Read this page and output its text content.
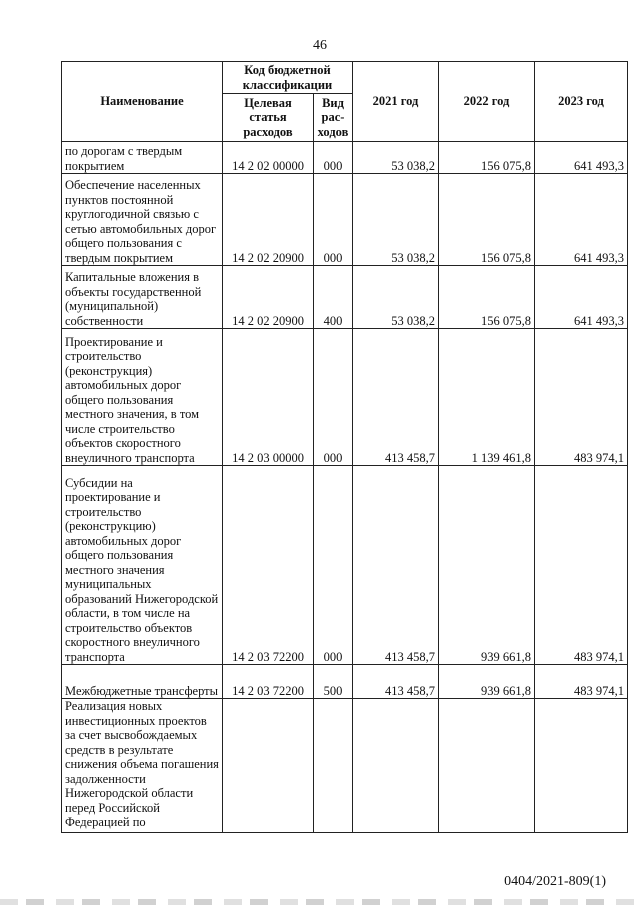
46
Наименование	Код бюджетной классификации		2021 год	2022 год	2023 год
	Целевая статья расходов	Вид рас-ходов			
по дорогам с твердым покрытием	14 2 02 00000	000	53 038,2	156 075,8	641 493,3
Обеспечение населенных пунктов постоянной круглогодичной связью с сетью автомобильных дорог общего пользования с твердым покрытием	14 2 02 20900	000	53 038,2	156 075,8	641 493,3
Капитальные вложения в объекты государственной (муниципальной) собственности	14 2 02 20900	400	53 038,2	156 075,8	641 493,3
Проектирование и строительство (реконструкция) автомобильных дорог общего пользования местного значения, в том числе строительство объектов скоростного внеуличного транспорта	14 2 03 00000	000	413 458,7	1 139 461,8	483 974,1
Субсидии на проектирование и строительство (реконструкцию) автомобильных дорог общего пользования местного значения муниципальных образований Нижегородской области, в том числе на строительство объектов скоростного внеуличного транспорта	14 2 03 72200	000	413 458,7	939 661,8	483 974,1
Межбюджетные трансферты	14 2 03 72200	500	413 458,7	939 661,8	483 974,1
Реализация новых инвестиционных проектов за счет высвобождаемых средств в результате снижения объема погашения задолженности Нижегородской области перед Российской Федерацией по					
0404/2021-809(1)
